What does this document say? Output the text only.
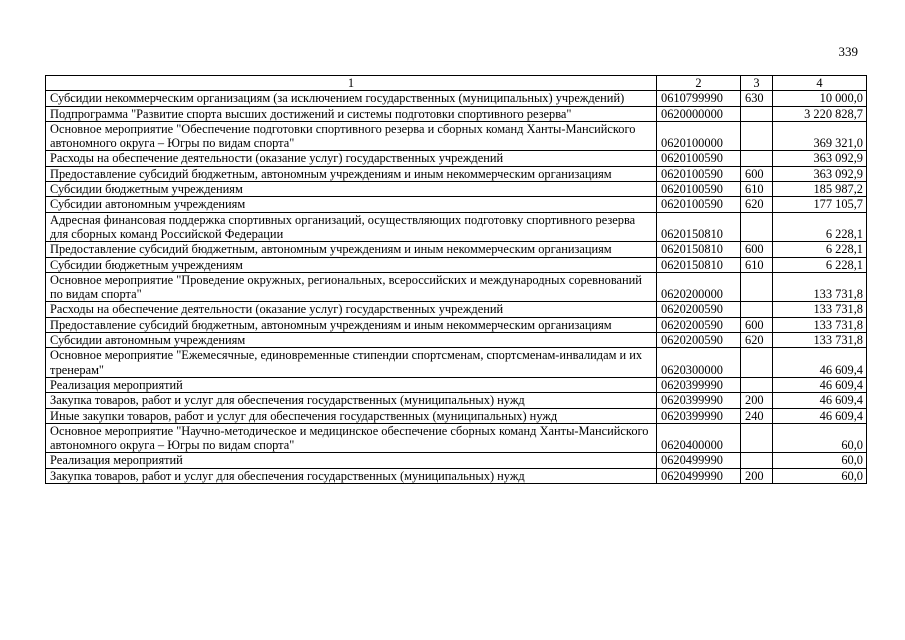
339
1	2	3	4
Субсидии некоммерческим организациям (за исключением государственных (муниципальных) учреждений)	0610799990	630	10 000,0
Подпрограмма "Развитие спорта высших достижений и системы подготовки спортивного резерва"	0620000000		3 220 828,7
Основное мероприятие "Обеспечение подготовки спортивного резерва и сборных команд Ханты-Мансийского автономного округа – Югры по видам спорта"	0620100000		369 321,0
Расходы на обеспечение деятельности (оказание услуг) государственных учреждений	0620100590		363 092,9
Предоставление субсидий бюджетным, автономным учреждениям и иным некоммерческим организациям	0620100590	600	363 092,9
Субсидии бюджетным учреждениям	0620100590	610	185 987,2
Субсидии автономным учреждениям	0620100590	620	177 105,7
Адресная финансовая поддержка спортивных организаций, осуществляющих подготовку спортивного резерва для сборных команд Российской Федерации	0620150810		6 228,1
Предоставление субсидий бюджетным, автономным учреждениям и иным некоммерческим организациям	0620150810	600	6 228,1
Субсидии бюджетным учреждениям	0620150810	610	6 228,1
Основное мероприятие "Проведение окружных, региональных, всероссийских и международных соревнований по видам спорта"	0620200000		133 731,8
Расходы на обеспечение деятельности (оказание услуг) государственных учреждений	0620200590		133 731,8
Предоставление субсидий бюджетным, автономным учреждениям и иным некоммерческим организациям	0620200590	600	133 731,8
Субсидии автономным учреждениям	0620200590	620	133 731,8
Основное мероприятие "Ежемесячные, единовременные стипендии спортсменам, спортсменам-инвалидам и их тренерам"	0620300000		46 609,4
Реализация мероприятий	0620399990		46 609,4
Закупка товаров, работ и услуг для обеспечения государственных (муниципальных) нужд	0620399990	200	46 609,4
Иные закупки товаров, работ и услуг для обеспечения государственных (муниципальных) нужд	0620399990	240	46 609,4
Основное мероприятие "Научно-методическое и медицинское обеспечение сборных команд Ханты-Мансийского автономного округа – Югры по видам спорта"	0620400000		60,0
Реализация мероприятий	0620499990		60,0
Закупка товаров, работ и услуг для обеспечения государственных (муниципальных) нужд	0620499990	200	60,0
